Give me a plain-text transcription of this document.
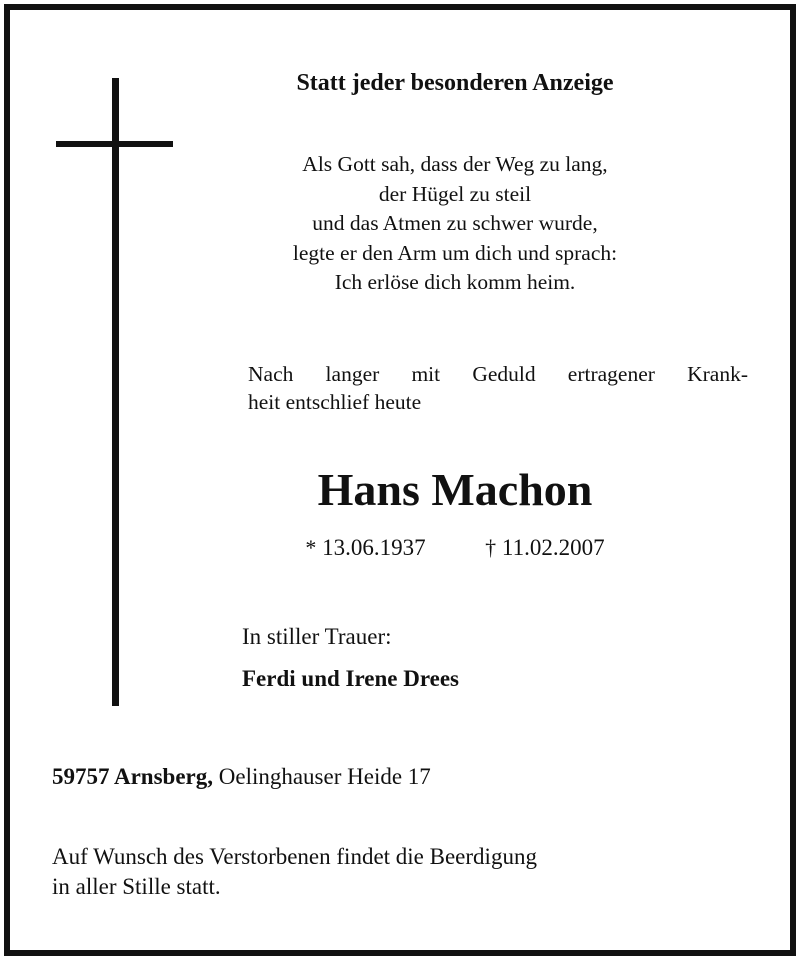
Statt jeder besonderen Anzeige
Als Gott sah, dass der Weg zu lang,
der Hügel zu steil
und das Atmen zu schwer wurde,
legte er den Arm um dich und sprach:
Ich erlöse dich komm heim.
Nach langer mit Geduld ertragener Krank-
heit entschlief heute
Hans Machon
* 13.06.1937	† 11.02.2007
In stiller Trauer:
Ferdi und Irene Drees
59757 Arnsberg, Oelinghauser Heide 17
Auf Wunsch des Verstorbenen findet die Beerdigung
in aller Stille statt.
